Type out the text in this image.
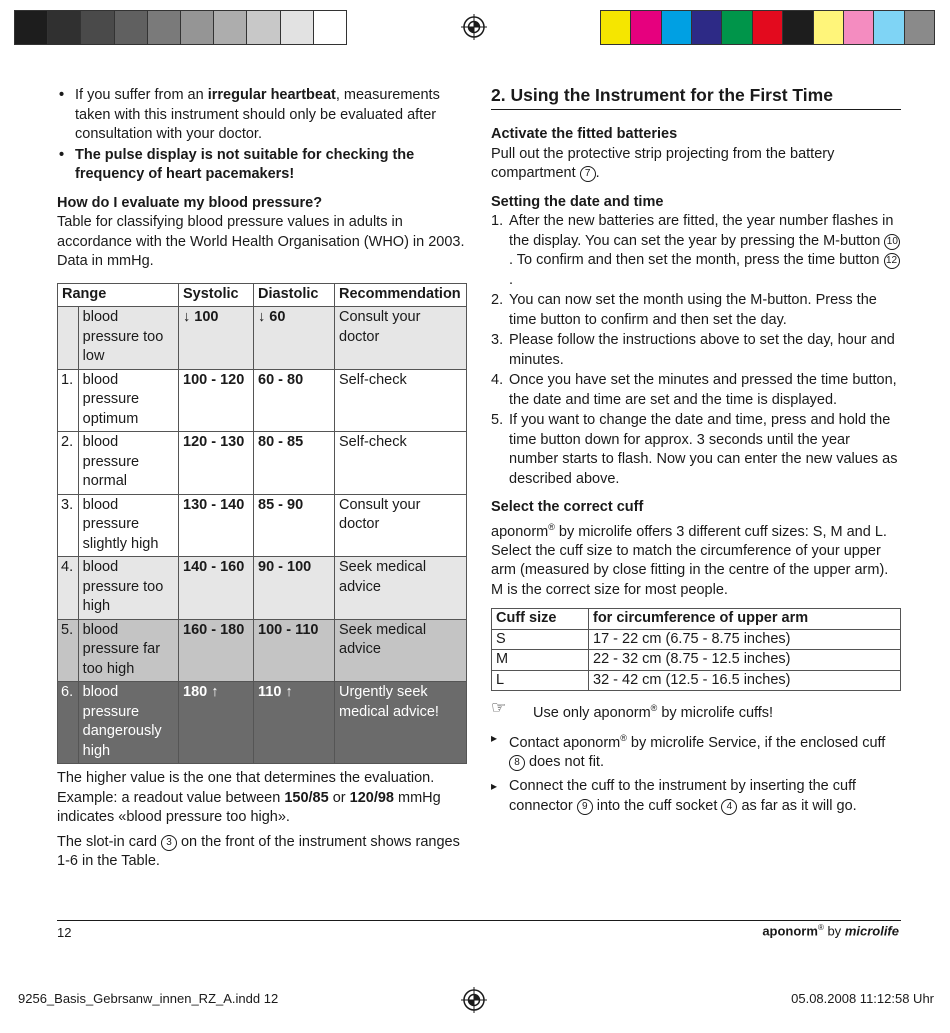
• If you suffer from an irregular heartbeat, measurements taken with this instrument should only be evaluated after consultation with your doctor.
• The pulse display is not suitable for checking the frequency of heart pacemakers!
How do I evaluate my blood pressure?
Table for classifying blood pressure values in adults in accordance with the World Health Organisation (WHO) in 2003. Data in mmHg.
Range		Systolic	Diastolic	Recommendation
	blood pressure too low	↓ 100	↓ 60	Consult your doctor
1.	blood pressure optimum	100 - 120	60 - 80	Self-check
2.	blood pressure normal	120 - 130	80 - 85	Self-check
3.	blood pressure slightly high	130 - 140	85 - 90	Consult your doctor
4.	blood pressure too high	140 - 160	90 - 100	Seek medical advice
5.	blood pressure far too high	160 - 180	100 - 110	Seek medical advice
6.	blood pressure dangerously high	180 ↑	110 ↑	Urgently seek medical advice!
The higher value is the one that determines the evaluation. Example: a readout value between 150/85 or 120/98 mmHg indicates «blood pressure too high».
The slot-in card 3 on the front of the instrument shows ranges 1-6 in the Table.
2. Using the Instrument for the First Time
Activate the fitted batteries
Pull out the protective strip projecting from the battery compartment 7 .
Setting the date and time
1. After the new batteries are fitted, the year number flashes in the display. You can set the year by pressing the M-button 10. To confirm and then set the month, press the time button 12.
2. You can now set the month using the M-button. Press the time button to confirm and then set the day.
3. Please follow the instructions above to set the day, hour and minutes.
4. Once you have set the minutes and pressed the time button, the date and time are set and the time is displayed.
5. If you want to change the date and time, press and hold the time button down for approx. 3 seconds until the year number starts to flash. Now you can enter the new values as described above.
Select the correct cuff
aponorm® by microlife offers 3 different cuff sizes: S, M and L. Select the cuff size to match the circumference of your upper arm (measured by close fitting in the centre of the upper arm). M is the correct size for most people.
Cuff size	for circumference of upper arm
S	17 - 22 cm (6.75 - 8.75 inches)
M	22 - 32 cm (8.75 - 12.5 inches)
L	32 - 42 cm (12.5 - 16.5 inches)
☞ Use only aponorm® by microlife cuffs!
▸ Contact aponorm® by microlife Service, if the enclosed cuff 8 does not fit.
▸ Connect the cuff to the instrument by inserting the cuff connector 9 into the cuff socket 4 as far as it will go.
12	aponorm® by microlife
9256_Basis_Gebrsanw_innen_RZ_A.indd 12	05.08.2008 11:12:58 Uhr
